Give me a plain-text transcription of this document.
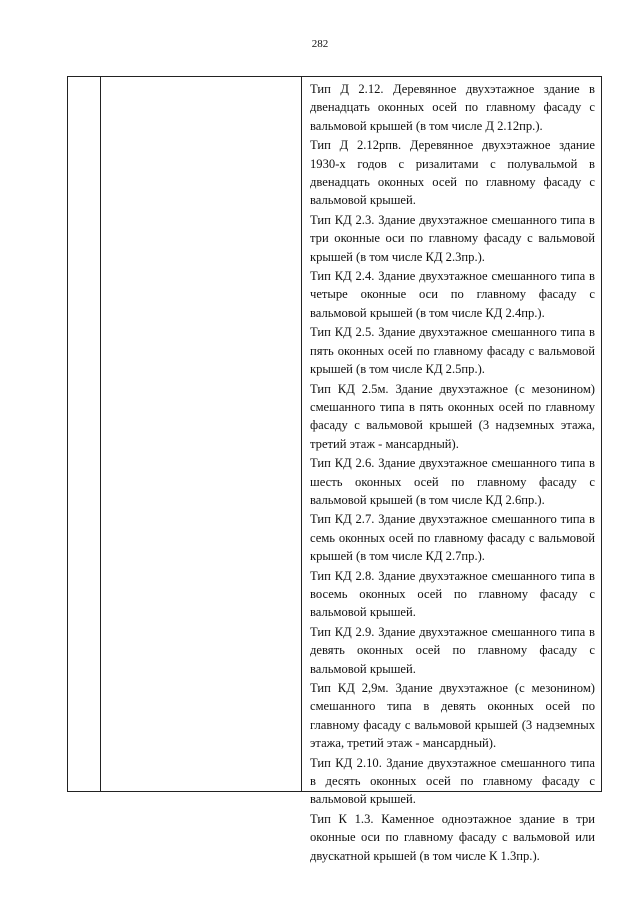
282

Тип Д 2.12. Деревянное двухэтажное здание в двенадцать оконных осей по главному фасаду с вальмовой крышей (в том числе Д 2.12пр.).

Тип Д 2.12рпв. Деревянное двухэтажное здание 1930-х годов с ризалитами с полувальмой в двенадцать оконных осей по главному фасаду с вальмовой крышей.

Тип КД 2.3. Здание двухэтажное смешанного типа в три оконные оси по главному фасаду с вальмовой крышей (в том числе КД 2.3пр.).

Тип КД 2.4. Здание двухэтажное смешанного типа в четыре оконные оси по главному фасаду с вальмовой крышей (в том числе КД 2.4пр.).

Тип КД 2.5. Здание двухэтажное смешанного типа в пять оконных осей по главному фасаду с вальмовой крышей (в том числе КД 2.5пр.).

Тип КД 2.5м. Здание двухэтажное (с мезонином) смешанного типа в пять оконных осей по главному фасаду с вальмовой крышей (3 надземных этажа, третий этаж - мансардный).

Тип КД 2.6. Здание двухэтажное смешанного типа в шесть оконных осей по главному фасаду с вальмовой крышей (в том числе КД 2.6пр.).

Тип КД 2.7. Здание двухэтажное смешанного типа в семь оконных осей по главному фасаду с вальмовой крышей (в том числе КД 2.7пр.).

Тип КД 2.8. Здание двухэтажное смешанного типа в восемь оконных осей по главному фасаду с вальмовой крышей.

Тип КД 2.9. Здание двухэтажное смешанного типа в девять оконных осей по главному фасаду с вальмовой крышей.

Тип КД 2,9м. Здание двухэтажное (с мезонином) смешанного типа в девять оконных осей по главному фасаду с вальмовой крышей (3 надземных этажа, третий этаж - мансардный).

Тип КД 2.10. Здание двухэтажное смешанного типа в десять оконных осей по главному фасаду с вальмовой крышей.

Тип К 1.3. Каменное одноэтажное здание в три оконные оси по главному фасаду с вальмовой или двускатной крышей (в том числе К 1.3пр.).
